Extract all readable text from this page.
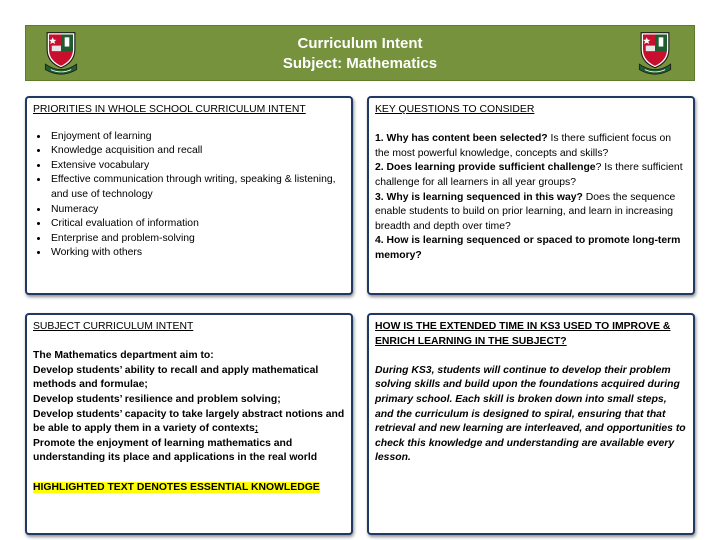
Curriculum Intent
Subject: Mathematics
PRIORITIES IN WHOLE SCHOOL CURRICULUM INTENT
• Enjoyment of learning
• Knowledge acquisition and recall
• Extensive vocabulary
• Effective communication through writing, speaking & listening, and use of technology
• Numeracy
• Critical evaluation of information
• Enterprise and problem-solving
• Working with others
KEY QUESTIONS TO CONSIDER

1. Why has content been selected? Is there sufficient focus on the most powerful knowledge, concepts and skills?

2. Does learning provide sufficient challenge? Is there sufficient challenge for all learners in all year groups?

3. Why is learning sequenced in this way? Does the sequence enable students to build on prior learning, and learn in increasing breadth and depth over time?

4. How is learning sequenced or spaced to promote long-term memory?

SUBJECT CURRICULUM INTENT

The Mathematics department aim to:

Develop students’ ability to recall and apply mathematical methods and formulae;

Develop students’ resilience and problem solving;

Develop students’ capacity to take largely abstract notions and be able to apply them in a variety of contexts;

Promote the enjoyment of learning mathematics and understanding its place and applications in the real world

HIGHLIGHTED TEXT DENOTES ESSENTIAL KNOWLEDGE

HOW IS THE EXTENDED TIME IN KS3 USED TO IMPROVE & ENRICH LEARNING IN THE SUBJECT?

During KS3, students will continue to develop their problem solving skills and build upon the foundations acquired during primary school. Each skill is broken down into small steps, and the curriculum is designed to spiral, ensuring that that retrieval and new learning are interleaved, and opportunities to check this knowledge and understanding are available every lesson.
